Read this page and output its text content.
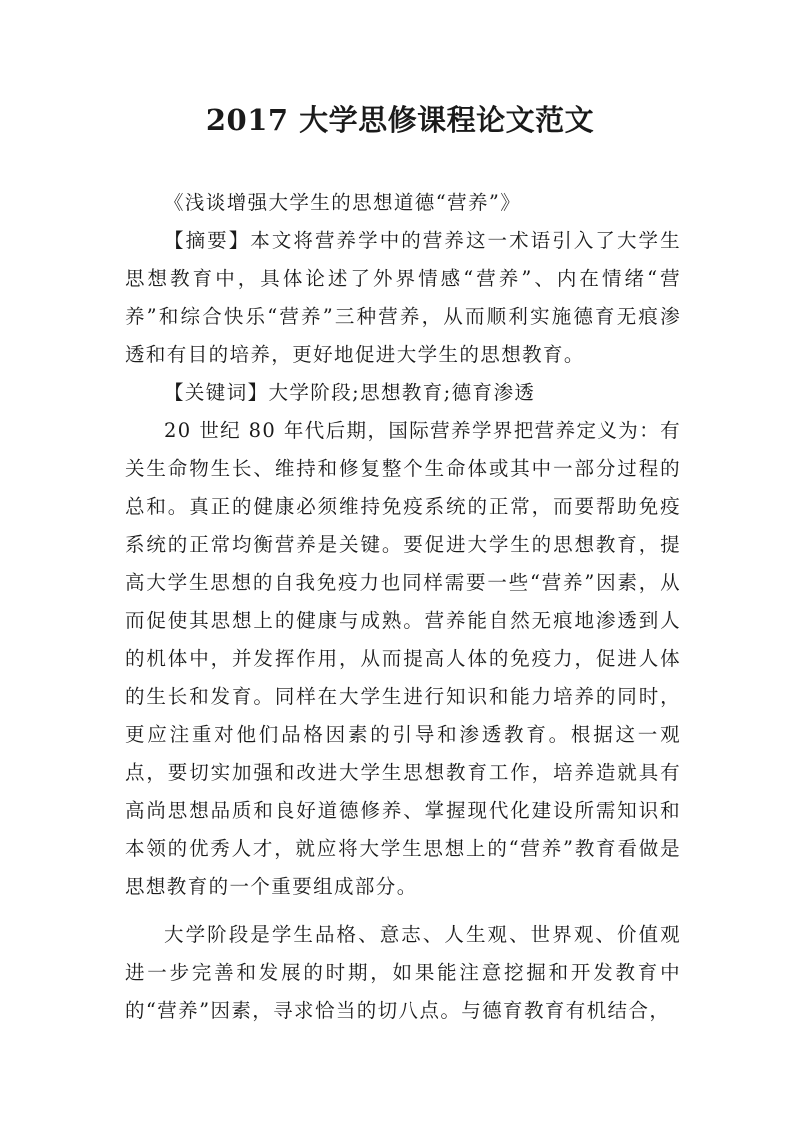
2017 大学思修课程论文范文

《浅谈增强大学生的思想道德“营养”》

【摘要】本文将营养学中的营养这一术语引入了大学生思想教育中，具体论述了外界情感“营养”、内在情绪“营养”和综合快乐“营养”三种营养，从而顺利实施德育无痕渗透和有目的培养，更好地促进大学生的思想教育。

【关键词】大学阶段;思想教育;德育渗透

20 世纪 80 年代后期，国际营养学界把营养定义为：有关生命物生长、维持和修复整个生命体或其中一部分过程的总和。真正的健康必须维持免疫系统的正常，而要帮助免疫系统的正常均衡营养是关键。要促进大学生的思想教育，提高大学生思想的自我免疫力也同样需要一些“营养”因素，从而促使其思想上的健康与成熟。营养能自然无痕地渗透到人的机体中，并发挥作用，从而提高人体的免疫力，促进人体的生长和发育。同样在大学生进行知识和能力培养的同时，更应注重对他们品格因素的引导和渗透教育。根据这一观点，要切实加强和改进大学生思想教育工作，培养造就具有高尚思想品质和良好道德修养、掌握现代化建设所需知识和本领的优秀人才，就应将大学生思想上的“营养”教育看做是思想教育的一个重要组成部分。

大学阶段是学生品格、意志、人生观、世界观、价值观进一步完善和发展的时期，如果能注意挖掘和开发教育中的“营养”因素，寻求恰当的切八点。与德育教育有机结合，
